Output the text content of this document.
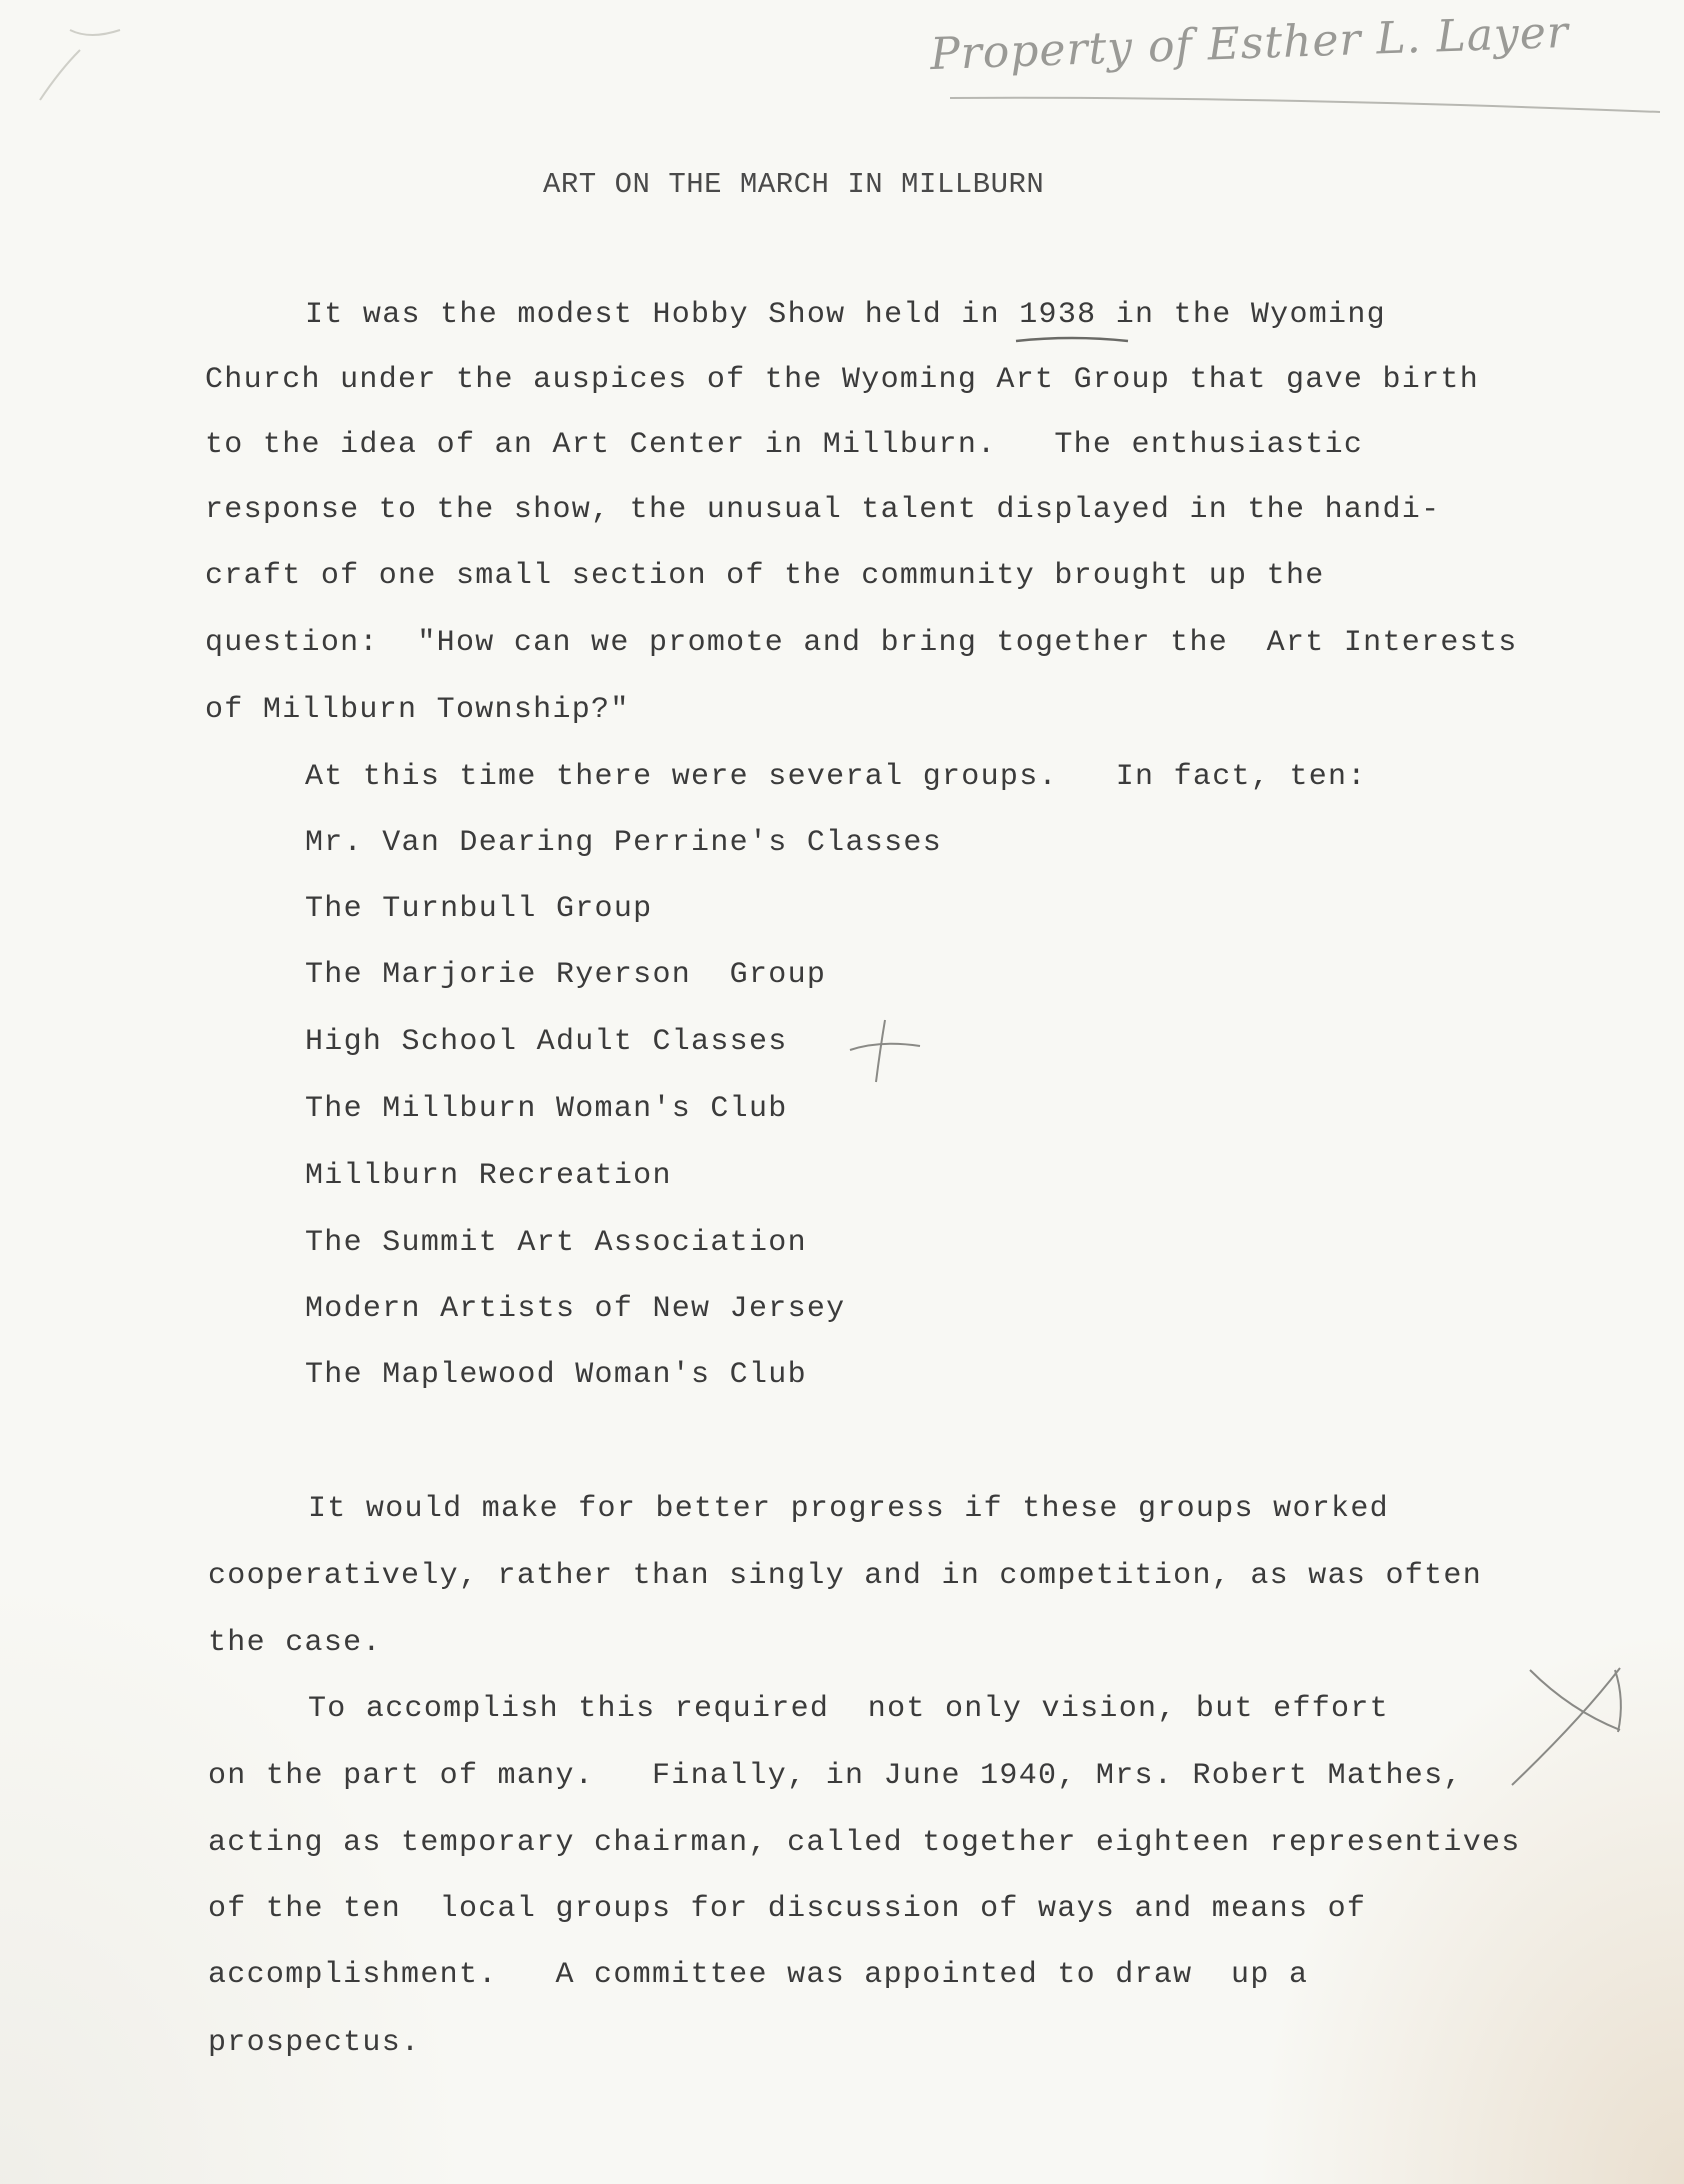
Property of Esther L. Layer
ART ON THE MARCH IN MILLBURN
It was the modest Hobby Show held in 1938 in the Wyoming
Church under the auspices of the Wyoming Art Group that gave birth
to the idea of an Art Center in Millburn.   The enthusiastic
response to the show, the unusual talent displayed in the handi-
craft of one small section of the community brought up the
question:  "How can we promote and bring together the  Art Interests
of Millburn Township?"
At this time there were several groups.   In fact, ten:
Mr. Van Dearing Perrine's Classes
The Turnbull Group
The Marjorie Ryerson  Group
High School Adult Classes
The Millburn Woman's Club
Millburn Recreation
The Summit Art Association
Modern Artists of New Jersey
The Maplewood Woman's Club
It would make for better progress if these groups worked
cooperatively, rather than singly and in competition, as was often
the case.
To accomplish this required  not only vision, but effort
on the part of many.   Finally, in June 1940, Mrs. Robert Mathes,
acting as temporary chairman, called together eighteen representives
of the ten  local groups for discussion of ways and means of
accomplishment.   A committee was appointed to draw  up a
prospectus.
